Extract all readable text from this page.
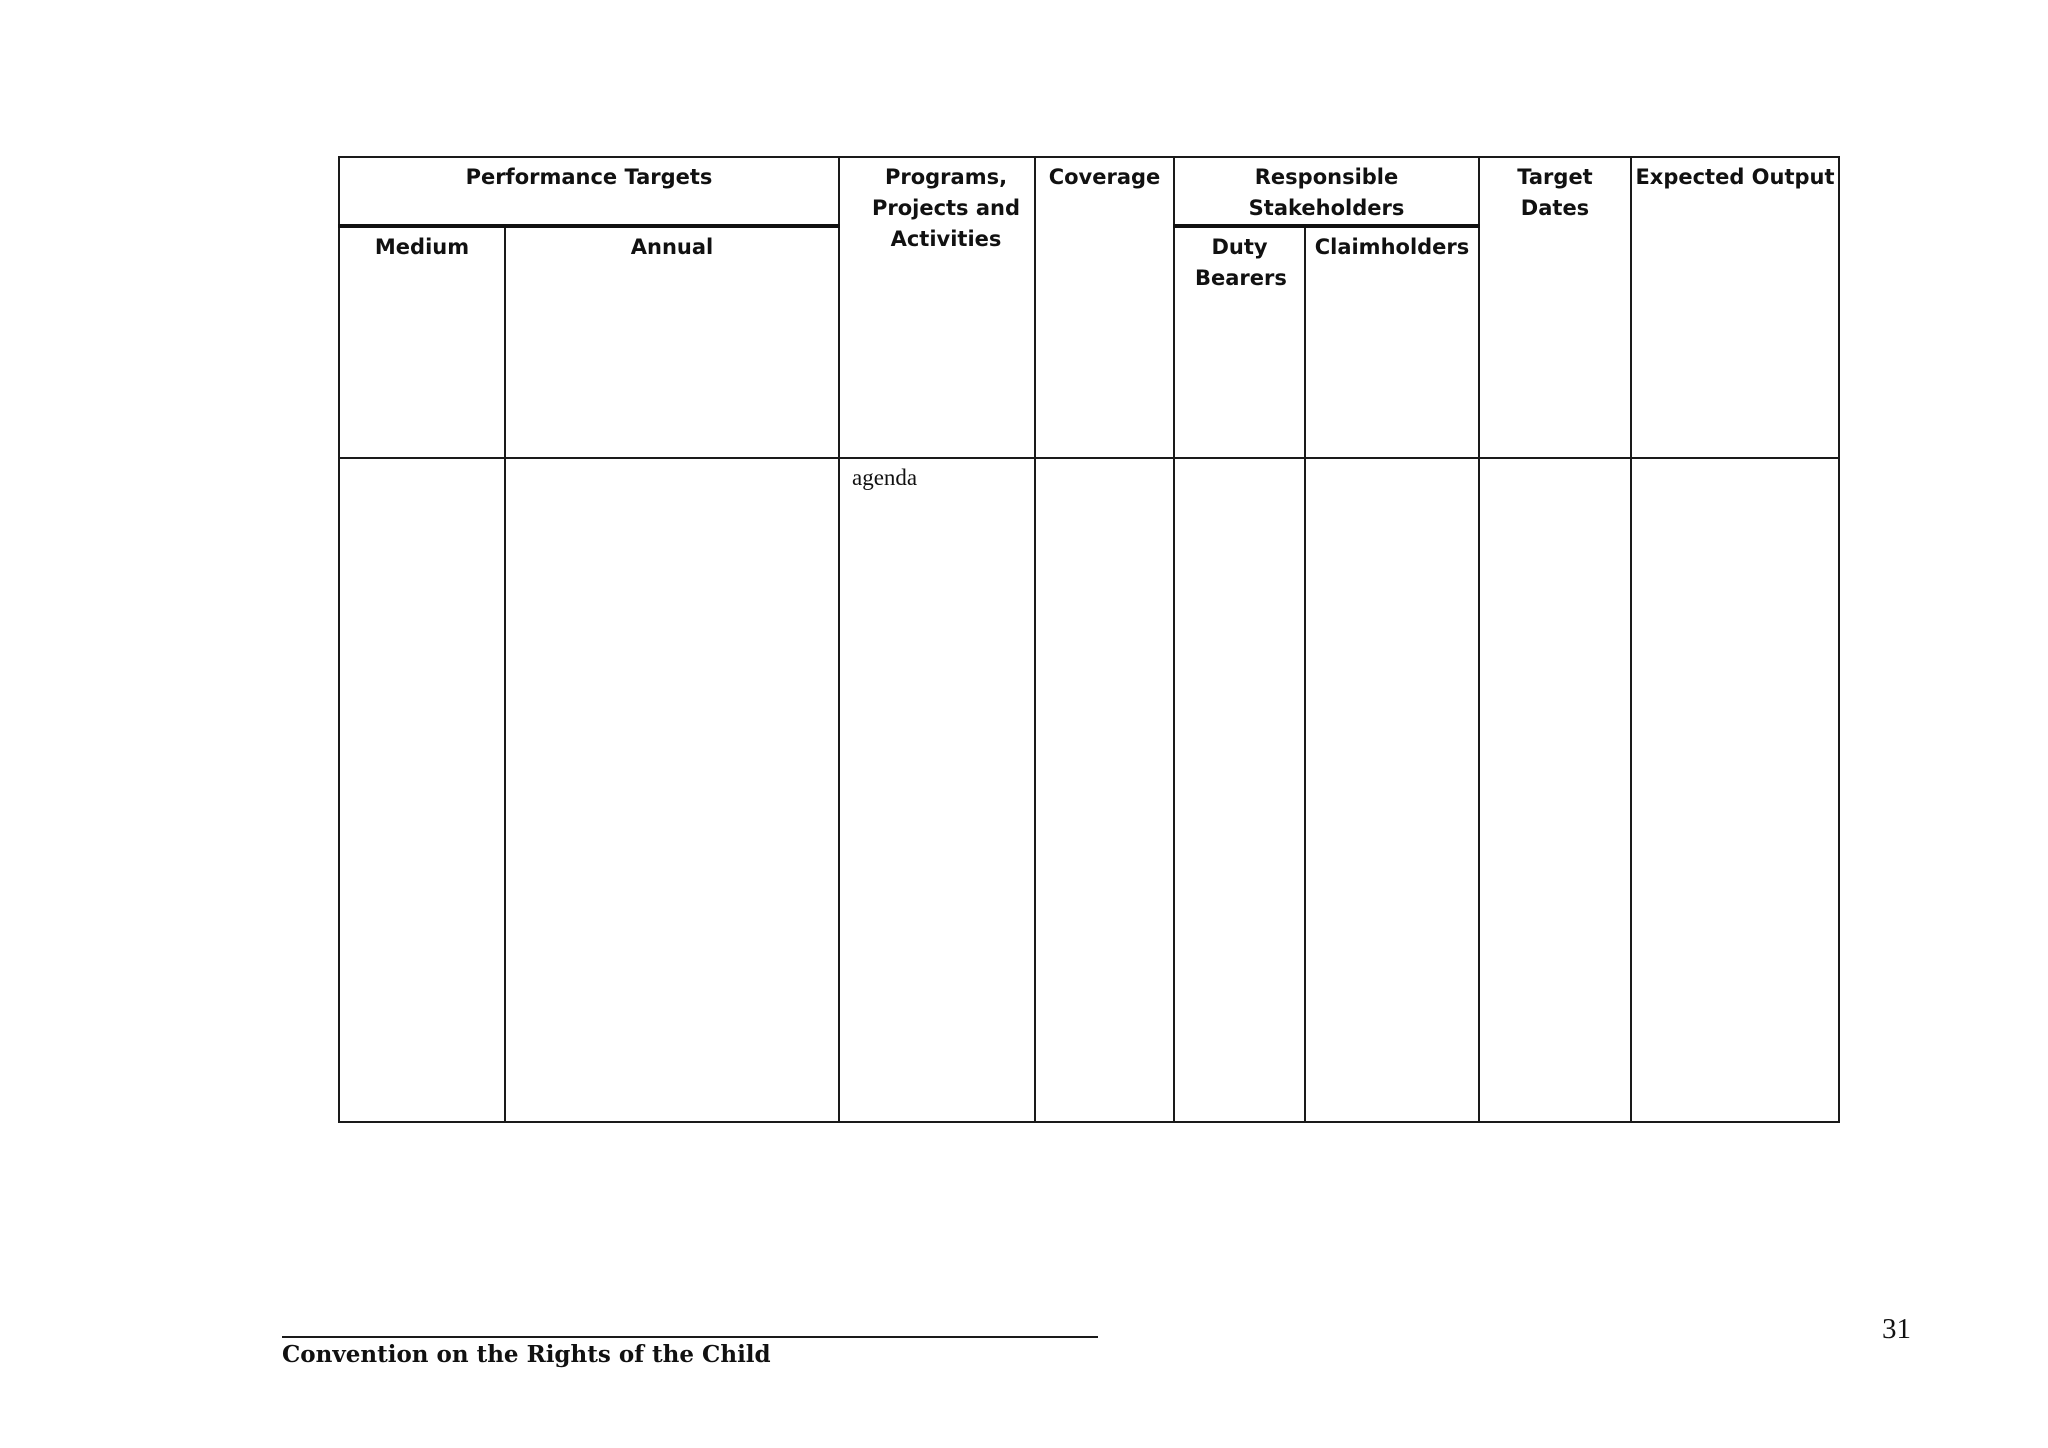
Performance Targets		Programs, Projects and Activities	Coverage	Responsible Stakeholders		Target Dates	Expected Output
Medium	Annual			Duty Bearers	Claimholders		
		agenda					
Convention on the Rights of the Child
31
